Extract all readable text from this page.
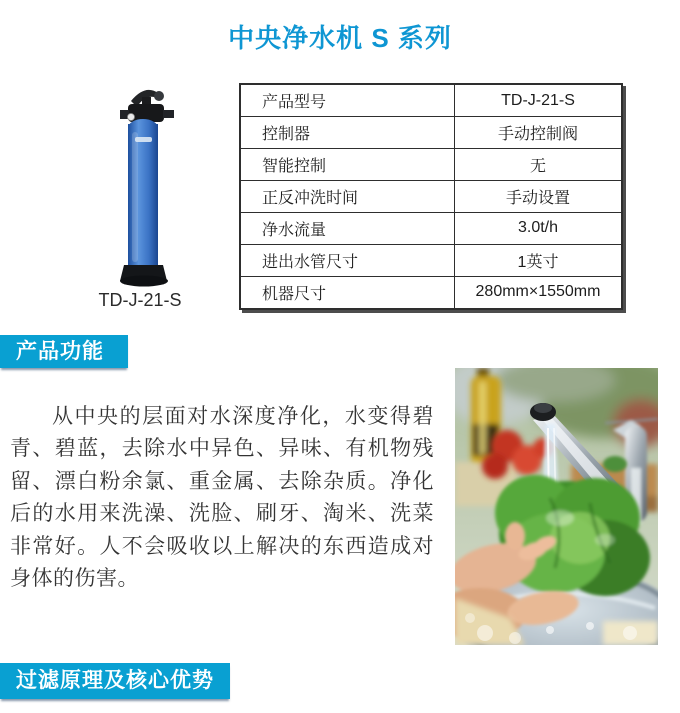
中央净水机 S 系列
TD-J-21-S
产品型号	TD-J-21-S
控制器	手动控制阀
智能控制	无
正反冲洗时间	手动设置
净水流量	3.0t/h
进出水管尺寸	1英寸
机器尺寸	280mm×1550mm
产品功能
从中央的层面对水深度净化，水变得碧青、碧蓝，去除水中异色、异味、有机物残留、漂白粉余氯、重金属、去除杂质。净化后的水用来洗澡、洗脸、刷牙、淘米、洗菜非常好。人不会吸收以上解决的东西造成对身体的伤害。
过滤原理及核心优势
